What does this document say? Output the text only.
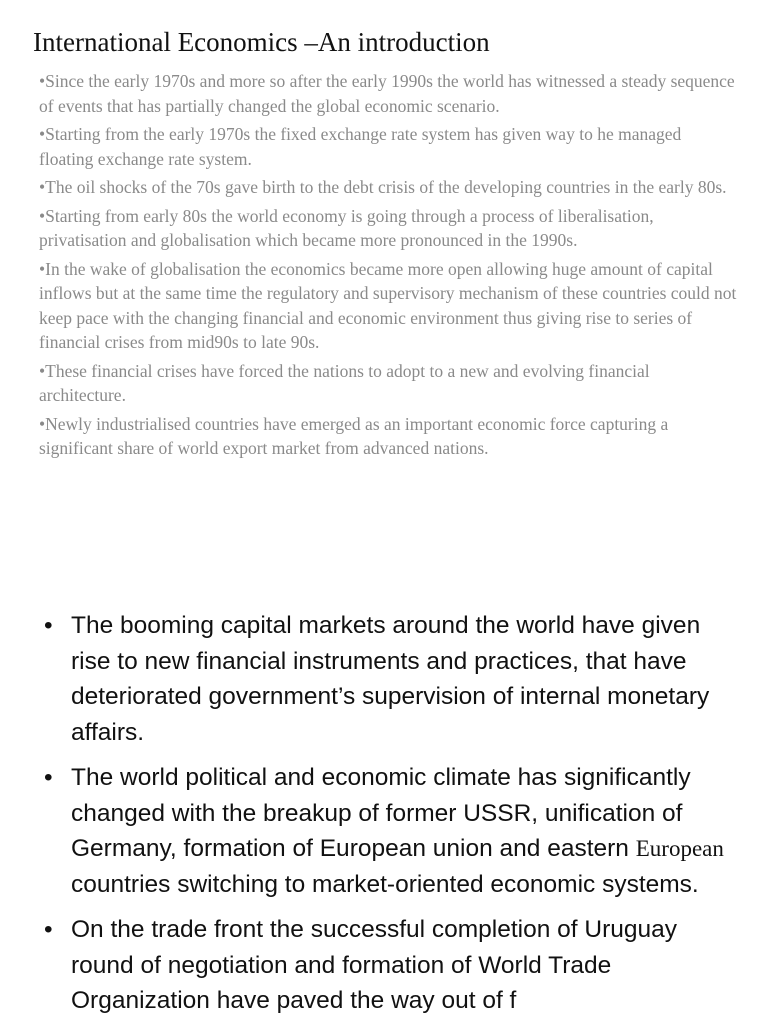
International Economics –An introduction
•Since the early 1970s and more so after the early 1990s the world has witnessed a steady sequence of events that has partially changed the global economic scenario.
•Starting from the early 1970s the fixed exchange rate system has given way to he managed floating exchange rate system.
•The oil shocks of the 70s gave birth to the debt crisis of the developing countries in the early 80s.
•Starting from early 80s the world economy is going through a process of liberalisation, privatisation and globalisation which became more pronounced in the 1990s.
•In the wake of globalisation the economics became more open allowing huge amount of capital inflows but at the same time the regulatory and supervisory mechanism of these countries could not keep pace with the changing financial and economic environment thus giving rise to series of financial crises from mid90s to late 90s.
•These financial crises have forced the nations to adopt to a new and evolving financial architecture.
•Newly industrialised countries have emerged as an important economic force capturing a significant share of world export market from advanced nations.
• The booming capital markets around the world have given rise to new financial instruments and practices, that have deteriorated government’s supervision of internal monetary affairs.
• The world political and economic climate has significantly changed with the breakup of former USSR, unification of Germany, formation of European union and eastern European countries switching to market-oriented economic systems.
• On the trade front the successful completion of Uruguay round of negotiation and formation of World Trade Organization have paved the way out of f
